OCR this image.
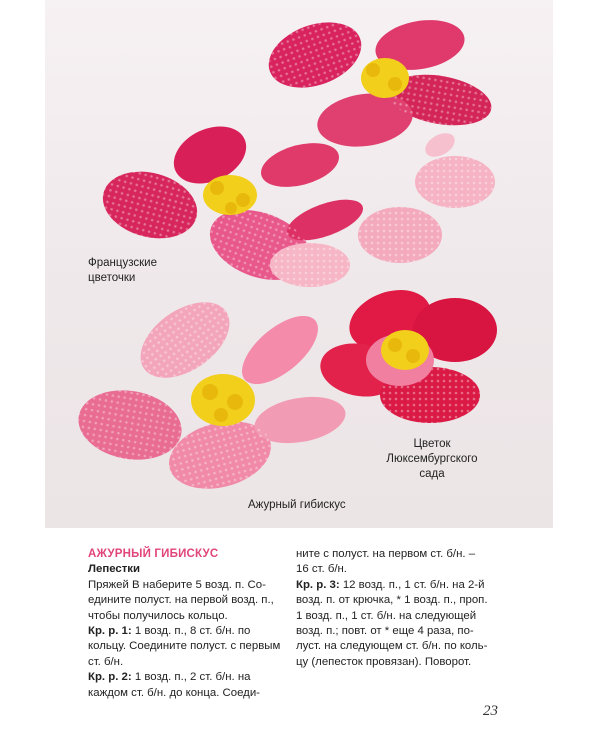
Французские
цветочки
Цветок
Люксембургского
сада
Ажурный гибискус
АЖУРНЫЙ ГИБИСКУС
Лепестки
Пряжей В наберите 5 возд. п. Со-
едините полуст. на первой возд. п.,
чтобы получилось кольцо.
Кр. р. 1: 1 возд. п., 8 ст. б/н. по
кольцу. Соедините полуст. с первым
ст. б/н.
Кр. р. 2: 1 возд. п., 2 ст. б/н. на
каждом ст. б/н. до конца. Соеди-
ните с полуст. на первом ст. б/н. –
16 ст. б/н.
Кр. р. 3: 12 возд. п., 1 ст. б/н. на 2-й
возд. п. от крючка, * 1 возд. п., проп.
1 возд. п., 1 ст. б/н. на следующей
возд. п.; повт. от * еще 4 раза, по-
луст. на следующем ст. б/н. по коль-
цу (лепесток провязан). Поворот.
23
